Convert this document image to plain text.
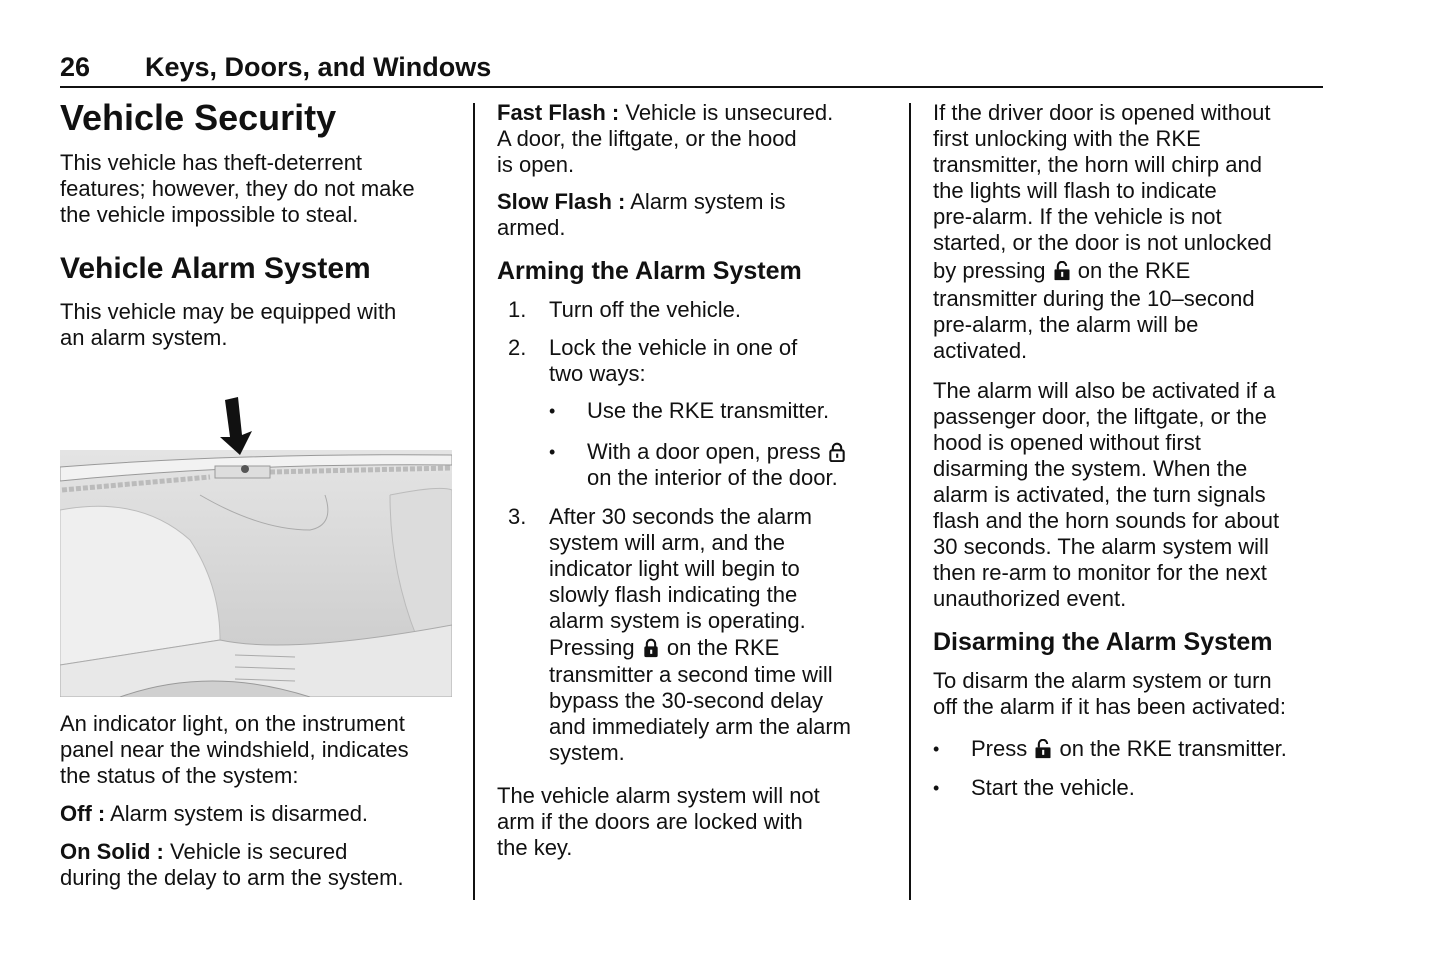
26 Keys, Doors, and Windows
Vehicle Security

This vehicle has theft-deterrent
features; however, they do not make
the vehicle impossible to steal.

Vehicle Alarm System

This vehicle may be equipped with
an alarm system.

An indicator light, on the instrument
panel near the windshield, indicates
the status of the system:

Off : Alarm system is disarmed.

On Solid : Vehicle is secured
during the delay to arm the system.

Fast Flash : Vehicle is unsecured.
A door, the liftgate, or the hood
is open.

Slow Flash : Alarm system is
armed.

Arming the Alarm System
1. Turn off the vehicle.
2. Lock the vehicle in one of
two ways:
• Use the RKE transmitter.
• With a door open, press
on the interior of the door.
3. After 30 seconds the alarm
system will arm, and the
indicator light will begin to
slowly flash indicating the
alarm system is operating.
Pressing  on the RKE
transmitter a second time will
bypass the 30-second delay
and immediately arm the alarm
system.

The vehicle alarm system will not
arm if the doors are locked with
the key.

If the driver door is opened without
first unlocking with the RKE
transmitter, the horn will chirp and
the lights will flash to indicate
pre-alarm. If the vehicle is not
started, or the door is not unlocked
by pressing  on the RKE
transmitter during the 10–second
pre-alarm, the alarm will be
activated.

The alarm will also be activated if a
passenger door, the liftgate, or the
hood is opened without first
disarming the system. When the
alarm is activated, the turn signals
flash and the horn sounds for about
30 seconds. The alarm system will
then re-arm to monitor for the next
unauthorized event.

Disarming the Alarm System

To disarm the alarm system or turn
off the alarm if it has been activated:

• Press  on the RKE transmitter.
• Start the vehicle.
